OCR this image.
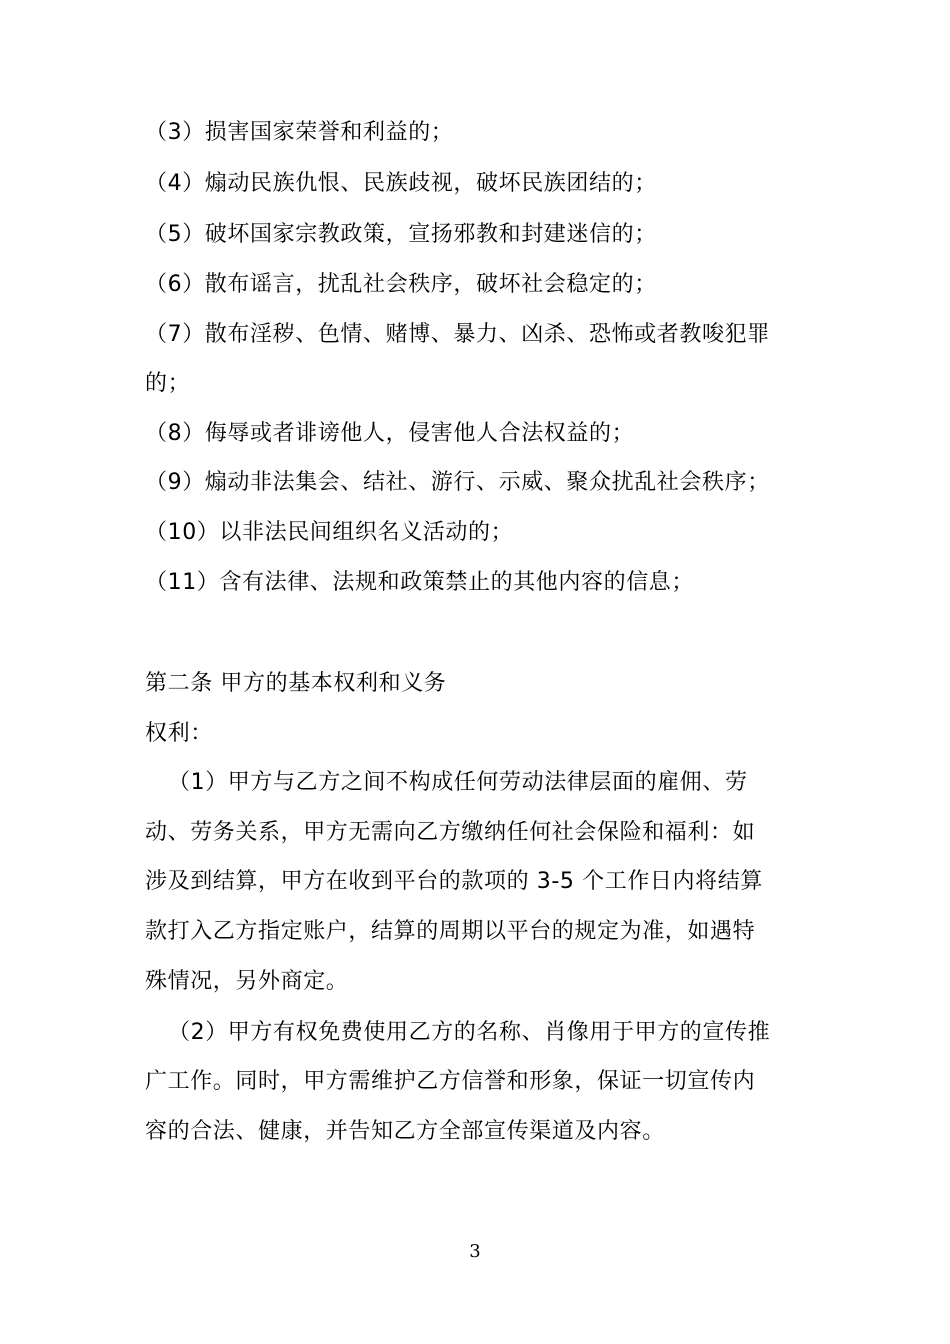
（3）损害国家荣誉和利益的；
（4）煽动民族仇恨、民族歧视，破坏民族团结的；
（5）破坏国家宗教政策，宣扬邪教和封建迷信的；
（6）散布谣言，扰乱社会秩序，破坏社会稳定的；
（7）散布淫秽、色情、赌博、暴力、凶杀、恐怖或者教唆犯罪
的；
（8）侮辱或者诽谤他人，侵害他人合法权益的；
（9）煽动非法集会、结社、游行、示威、聚众扰乱社会秩序；
（10）以非法民间组织名义活动的；
（11）含有法律、法规和政策禁止的其他内容的信息；
第二条 甲方的基本权利和义务
权利：
（1）甲方与乙方之间不构成任何劳动法律层面的雇佣、劳
动、劳务关系，甲方无需向乙方缴纳任何社会保险和福利：如
涉及到结算，甲方在收到平台的款项的 3-5 个工作日内将结算
款打入乙方指定账户，结算的周期以平台的规定为准，如遇特
殊情况，另外商定。
（2）甲方有权免费使用乙方的名称、肖像用于甲方的宣传推
广工作。同时，甲方需维护乙方信誉和形象，保证一切宣传内
容的合法、健康，并告知乙方全部宣传渠道及内容。
3
